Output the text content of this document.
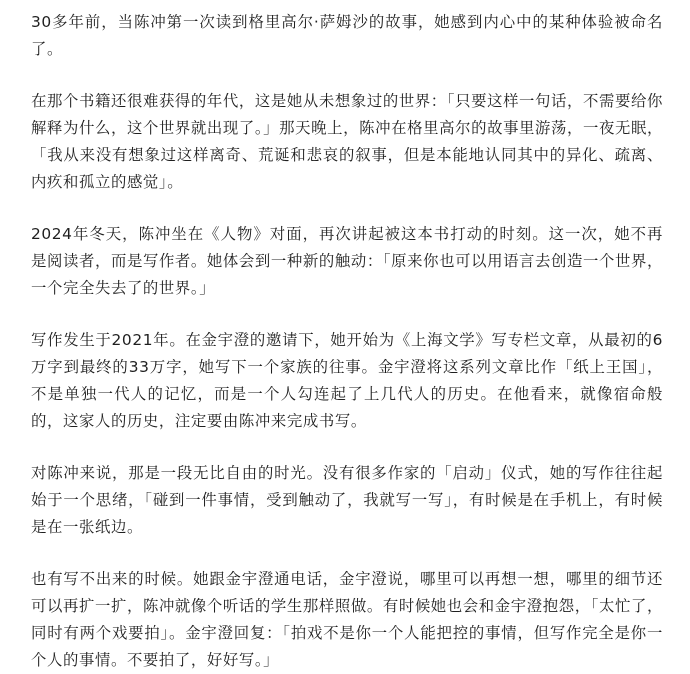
30多年前，当陈冲第一次读到格里高尔·萨姆沙的故事，她感到内心中的某种体验被命名了。

在那个书籍还很难获得的年代，这是她从未想象过的世界：「只要这样一句话，不需要给你解释为什么，这个世界就出现了。」那天晚上，陈冲在格里高尔的故事里游荡，一夜无眠，「我从来没有想象过这样离奇、荒诞和悲哀的叙事，但是本能地认同其中的异化、疏离、内疚和孤立的感觉」。

2024年冬天，陈冲坐在《人物》对面，再次讲起被这本书打动的时刻。这一次，她不再是阅读者，而是写作者。她体会到一种新的触动：「原来你也可以用语言去创造一个世界，一个完全失去了的世界。」

写作发生于2021年。在金宇澄的邀请下，她开始为《上海文学》写专栏文章，从最初的6万字到最终的33万字，她写下一个家族的往事。金宇澄将这系列文章比作「纸上王国」，不是单独一代人的记忆，而是一个人勾连起了上几代人的历史。在他看来，就像宿命般的，这家人的历史，注定要由陈冲来完成书写。

对陈冲来说，那是一段无比自由的时光。没有很多作家的「启动」仪式，她的写作往往起始于一个思绪，「碰到一件事情，受到触动了，我就写一写」，有时候是在手机上，有时候是在一张纸边。

也有写不出来的时候。她跟金宇澄通电话，金宇澄说，哪里可以再想一想，哪里的细节还可以再扩一扩，陈冲就像个听话的学生那样照做。有时候她也会和金宇澄抱怨，「太忙了，同时有两个戏要拍」。金宇澄回复：「拍戏不是你一个人能把控的事情，但写作完全是你一个人的事情。不要拍了，好好写。」
